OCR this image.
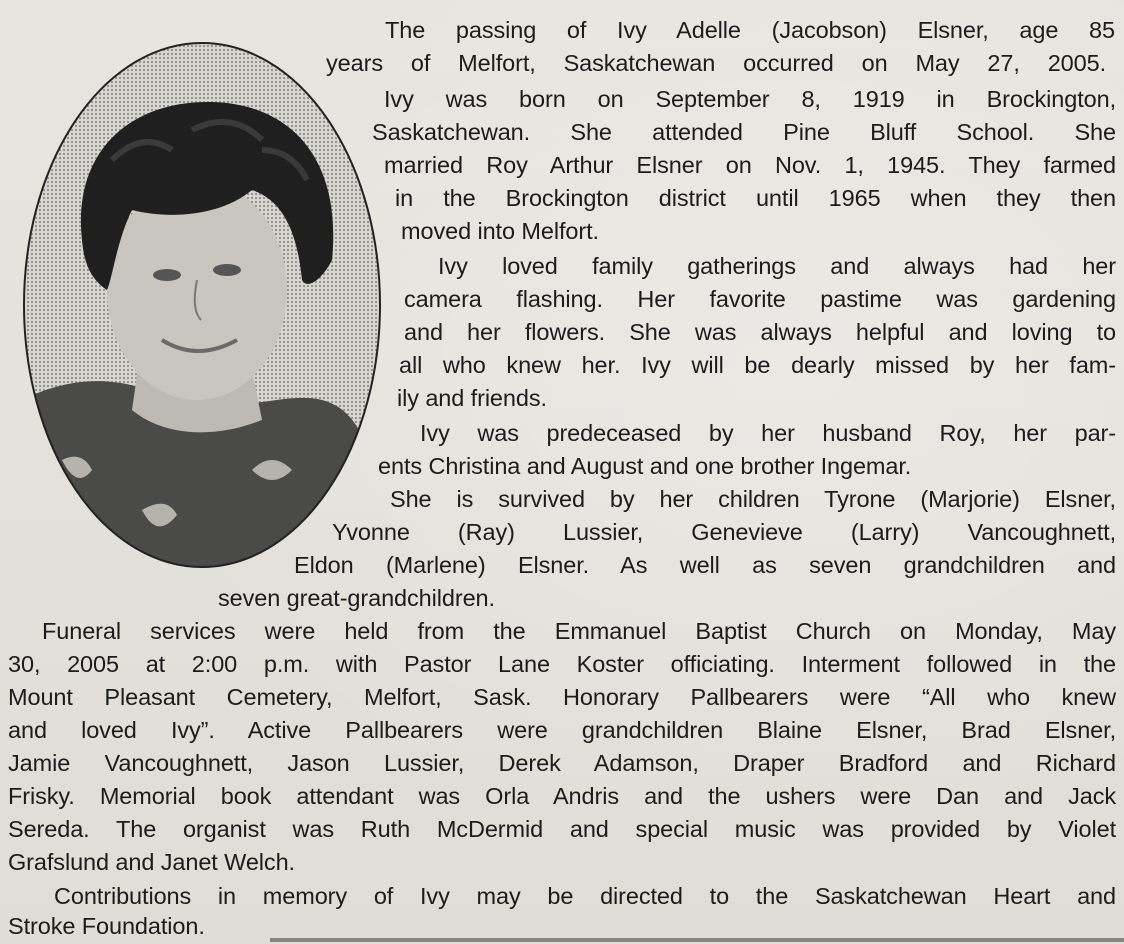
The passing of Ivy Adelle (Jacobson) Elsner, age 85
years of Melfort, Saskatchewan occurred on May 27, 2005.
Ivy was born on September 8, 1919 in Brockington,
Saskatchewan. She attended Pine Bluff School. She
married Roy Arthur Elsner on Nov. 1, 1945. They farmed
in the Brockington district until 1965 when they then
moved into Melfort.
Ivy loved family gatherings and always had her
camera flashing. Her favorite pastime was gardening
and her flowers. She was always helpful and loving to
all who knew her. Ivy will be dearly missed by her fam-
ily and friends.
Ivy was predeceased by her husband Roy, her par-
ents Christina and August and one brother Ingemar.
She is survived by her children Tyrone (Marjorie) Elsner,
Yvonne (Ray) Lussier, Genevieve (Larry) Vancoughnett,
Eldon (Marlene) Elsner. As well as seven grandchildren and
seven great-grandchildren.
Funeral services were held from the Emmanuel Baptist Church on Monday, May
30, 2005 at 2:00 p.m. with Pastor Lane Koster officiating. Interment followed in the
Mount Pleasant Cemetery, Melfort, Sask. Honorary Pallbearers were “All who knew
and loved Ivy”. Active Pallbearers were grandchildren Blaine Elsner, Brad Elsner,
Jamie Vancoughnett, Jason Lussier, Derek Adamson, Draper Bradford and Richard
Frisky. Memorial book attendant was Orla Andris and the ushers were Dan and Jack
Sereda. The organist was Ruth McDermid and special music was provided by Violet
Grafslund and Janet Welch.
Contributions in memory of Ivy may be directed to the Saskatchewan Heart and
Stroke Foundation.
